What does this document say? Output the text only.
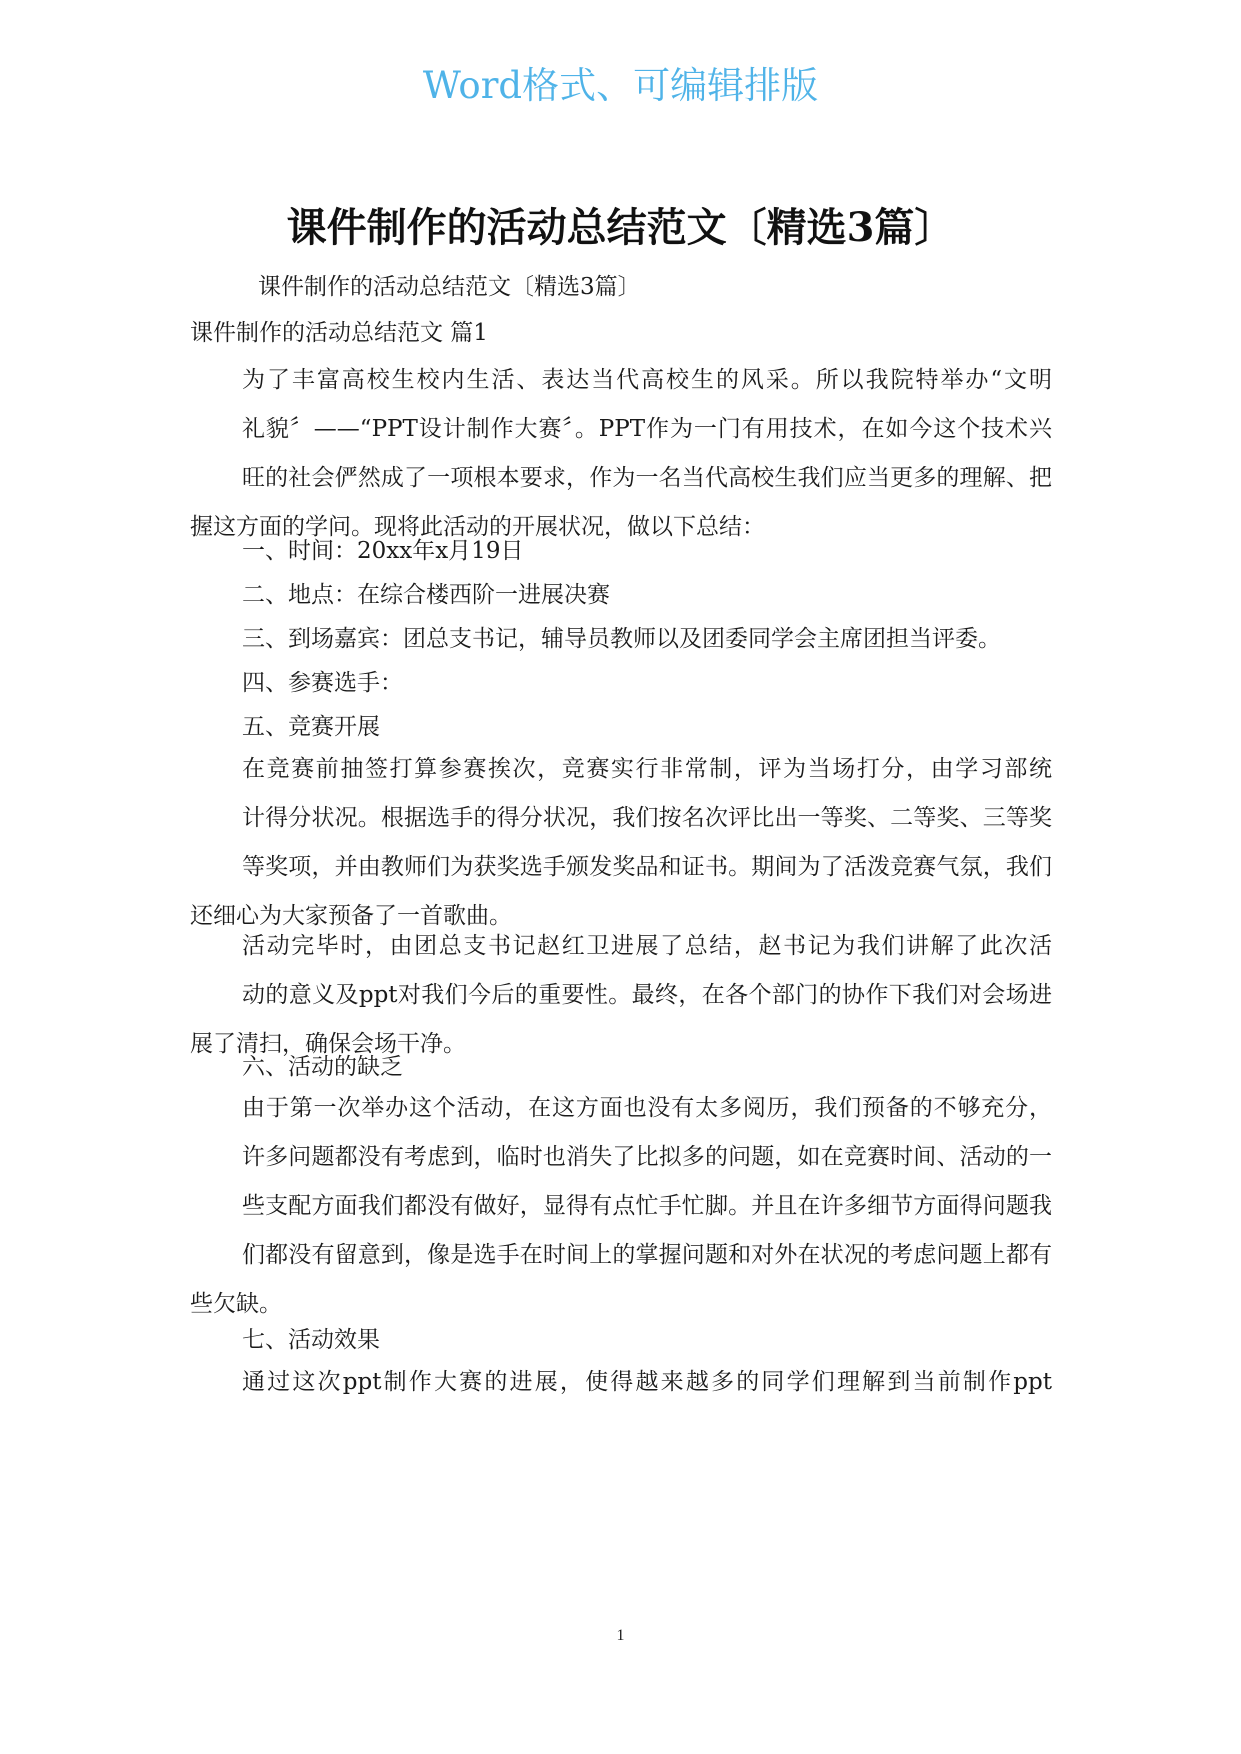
Word格式、可编辑排版
课件制作的活动总结范文〔精选3篇〕

课件制作的活动总结范文〔精选3篇〕

课件制作的活动总结范文 篇1

为了丰富高校生校内生活、表达当代高校生的风采。所以我院特举办“文明
礼貌〞——“PPT设计制作大赛〞。PPT作为一门有用技术，在如今这个技术兴
旺的社会俨然成了一项根本要求，作为一名当代高校生我们应当更多的理解、把
握这方面的学问。现将此活动的开展状况，做以下总结：

一、时间：20xx年x月19日

二、地点：在综合楼西阶一进展决赛

三、到场嘉宾：团总支书记，辅导员教师以及团委同学会主席团担当评委。

四、参赛选手：

五、竞赛开展

在竞赛前抽签打算参赛挨次，竞赛实行非常制，评为当场打分，由学习部统
计得分状况。根据选手的得分状况，我们按名次评比出一等奖、二等奖、三等奖
等奖项，并由教师们为获奖选手颁发奖品和证书。期间为了活泼竞赛气氛，我们
还细心为大家预备了一首歌曲。

活动完毕时，由团总支书记赵红卫进展了总结，赵书记为我们讲解了此次活
动的意义及ppt对我们今后的重要性。最终，在各个部门的协作下我们对会场进
展了清扫，确保会场干净。

六、活动的缺乏

由于第一次举办这个活动，在这方面也没有太多阅历，我们预备的不够充分，
许多问题都没有考虑到，临时也消失了比拟多的问题，如在竞赛时间、活动的一
些支配方面我们都没有做好，显得有点忙手忙脚。并且在许多细节方面得问题我
们都没有留意到，像是选手在时间上的掌握问题和对外在状况的考虑问题上都有
些欠缺。

七、活动效果

通过这次ppt制作大赛的进展，使得越来越多的同学们理解到当前制作ppt

1
